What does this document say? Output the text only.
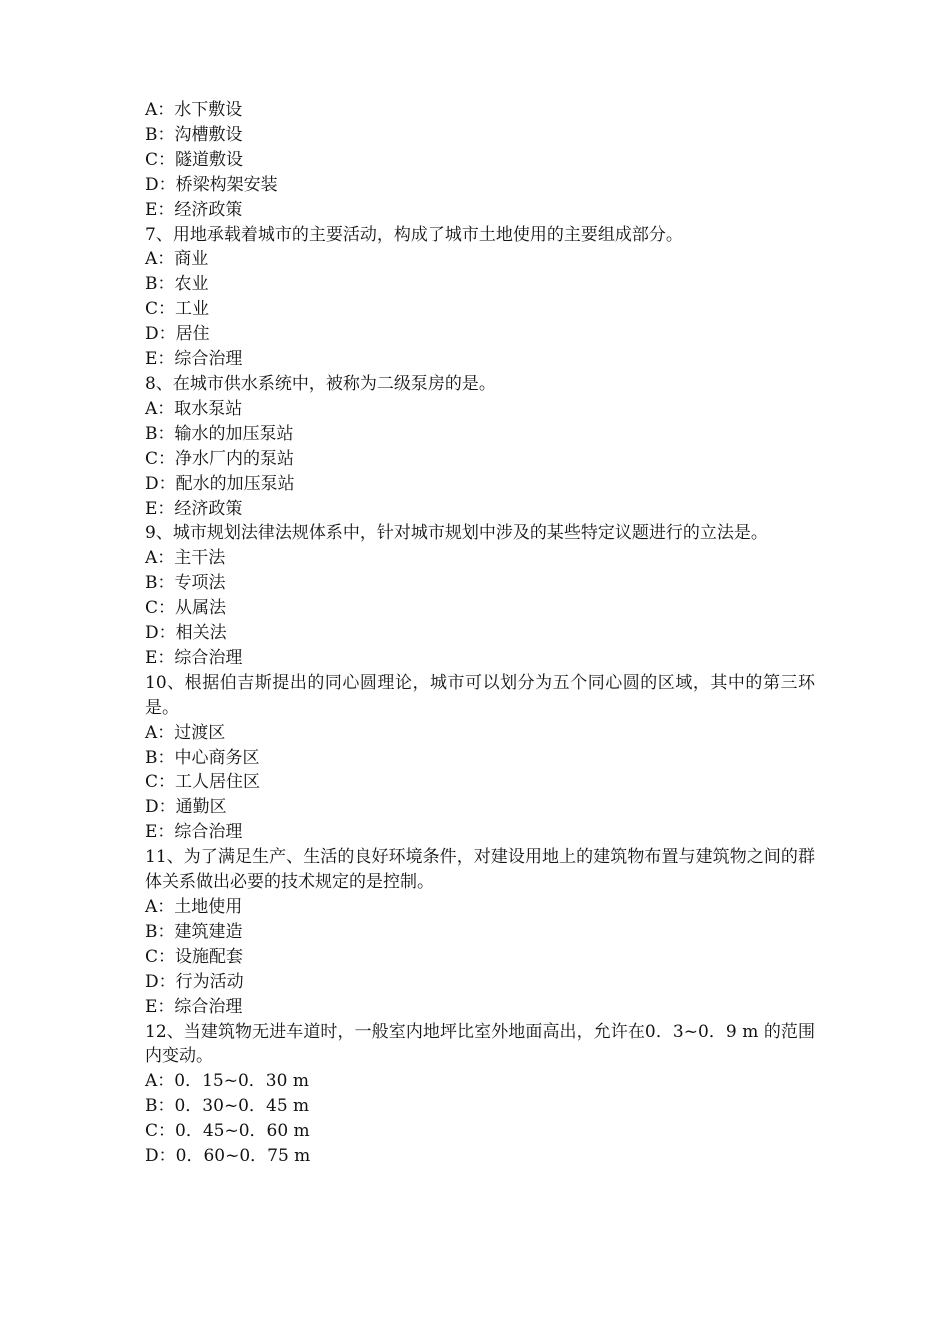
A：水下敷设

B：沟槽敷设

C：隧道敷设

D：桥梁构架安装

E：经济政策

7、用地承载着城市的主要活动，构成了城市土地使用的主要组成部分。

A：商业

B：农业

C：工业

D：居住

E：综合治理

8、在城市供水系统中，被称为二级泵房的是。

A：取水泵站

B：输水的加压泵站

C：净水厂内的泵站

D：配水的加压泵站

E：经济政策

9、城市规划法律法规体系中，针对城市规划中涉及的某些特定议题进行的立法是。

A：主干法

B：专项法

C：从属法

D：相关法

E：综合治理

10、根据伯吉斯提出的同心圆理论，城市可以划分为五个同心圆的区域，其中的第三环是。

A：过渡区

B：中心商务区

C：工人居住区

D：通勤区

E：综合治理

11、为了满足生产、生活的良好环境条件，对建设用地上的建筑物布置与建筑物之间的群体关系做出必要的技术规定的是控制。

A：土地使用

B：建筑建造

C：设施配套

D：行为活动

E：综合治理

12、当建筑物无进车道时，一般室内地坪比室外地面高出，允许在0．3~0．9 m 的范围内变动。

A：0．15~0．30 m

B：0．30~0．45 m

C：0．45~0．60 m

D：0．60~0．75 m
